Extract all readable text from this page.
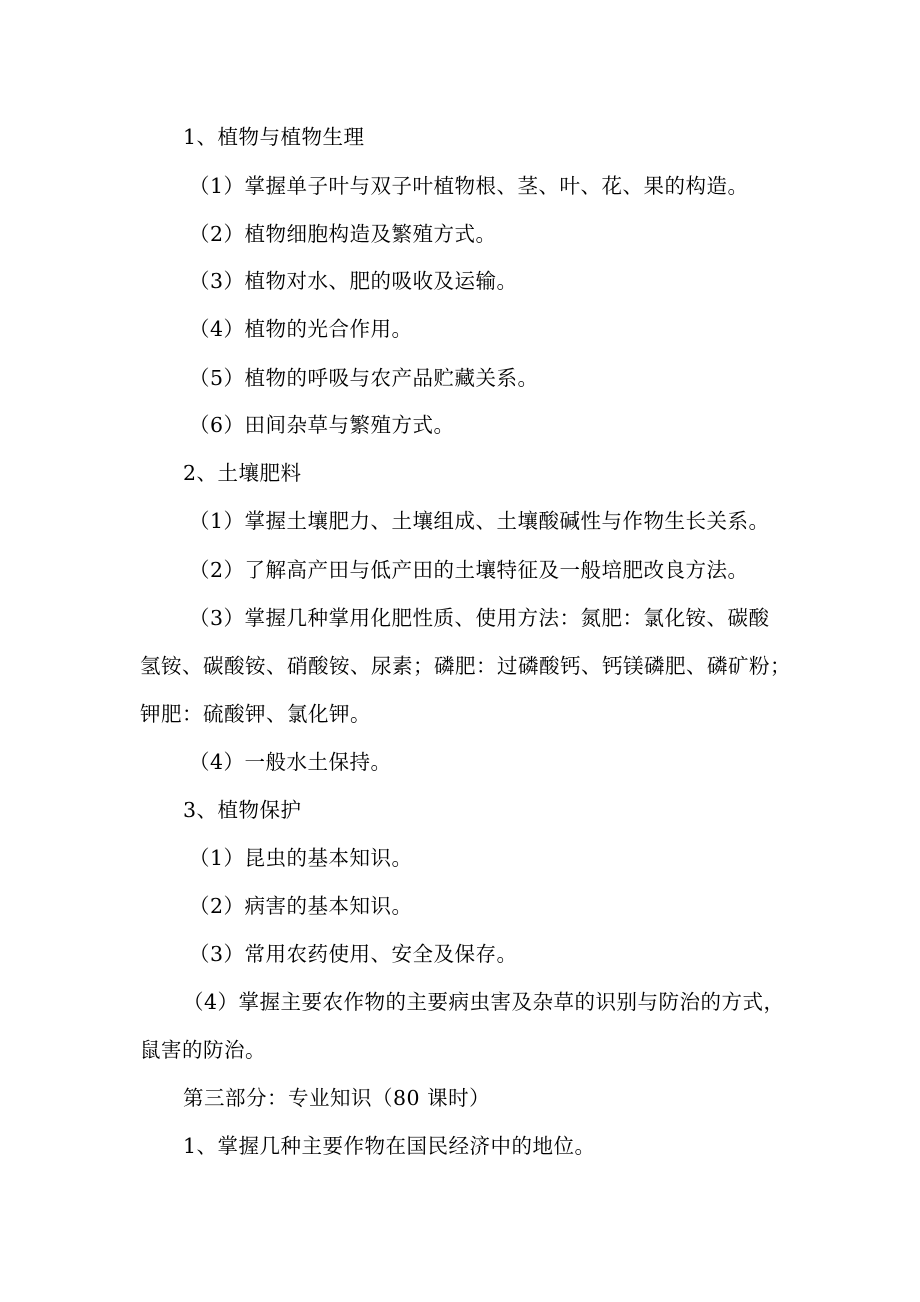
1、植物与植物生理
（1）掌握单子叶与双子叶植物根、茎、叶、花、果的构造。
（2）植物细胞构造及繁殖方式。
（3）植物对水、肥的吸收及运输。
（4）植物的光合作用。
（5）植物的呼吸与农产品贮藏关系。
（6）田间杂草与繁殖方式。
2、土壤肥料
（1）掌握土壤肥力、土壤组成、土壤酸碱性与作物生长关系。
（2）了解高产田与低产田的土壤特征及一般培肥改良方法。
（3）掌握几种掌用化肥性质、使用方法：氮肥：氯化铵、碳酸
氢铵、碳酸铵、硝酸铵、尿素；磷肥：过磷酸钙、钙镁磷肥、磷矿粉；
钾肥：硫酸钾、氯化钾。
（4）一般水土保持。
3、植物保护
（1）昆虫的基本知识。
（2）病害的基本知识。
（3）常用农药使用、安全及保存。
（4）掌握主要农作物的主要病虫害及杂草的识别与防治的方式，
鼠害的防治。
第三部分：专业知识（80 课时）
1、掌握几种主要作物在国民经济中的地位。
